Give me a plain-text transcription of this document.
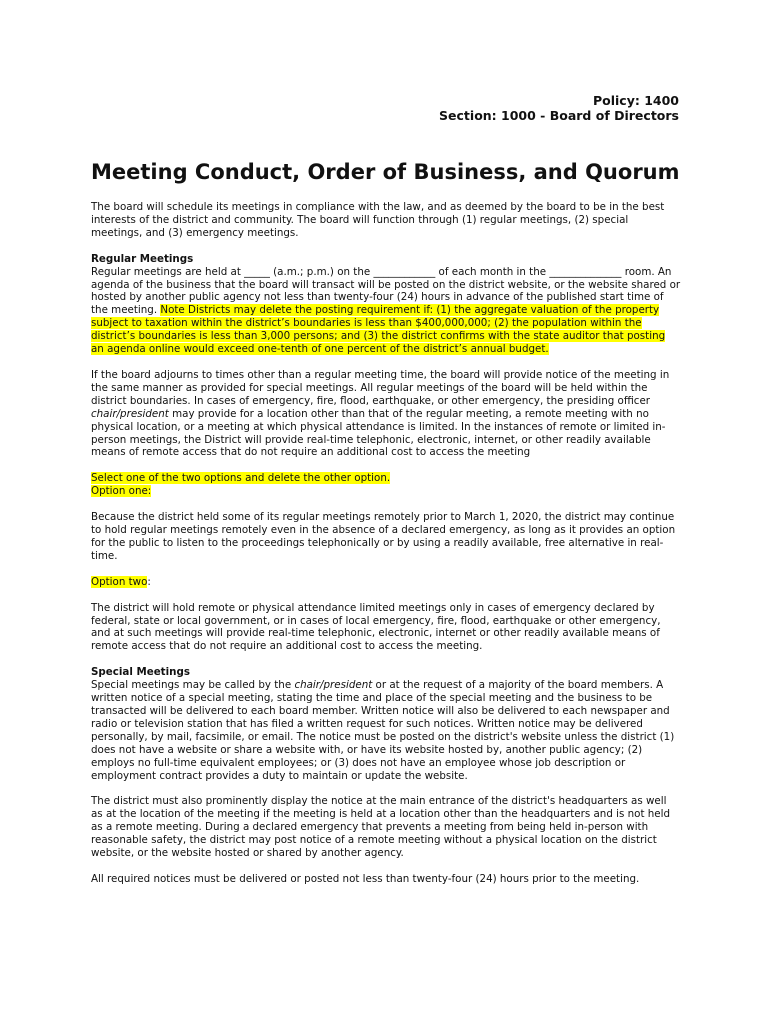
Policy: 1400
Section: 1000 - Board of Directors
Meeting Conduct, Order of Business, and Quorum

The board will schedule its meetings in compliance with the law, and as deemed by the board to be in the best interests of the district and community. The board will function through (1) regular meetings, (2) special meetings, and (3) emergency meetings.

Regular Meetings
Regular meetings are held at _____ (a.m.; p.m.) on the ____________ of each month in the ______________ room. An agenda of the business that the board will transact will be posted on the district website, or the website shared or hosted by another public agency not less than twenty-four (24) hours in advance of the published start time of the meeting. Note Districts may delete the posting requirement if: (1) the aggregate valuation of the property subject to taxation within the district’s boundaries is less than $400,000,000; (2) the population within the district’s boundaries is less than 3,000 persons; and (3) the district confirms with the state auditor that posting an agenda online would exceed one-tenth of one percent of the district’s annual budget.

If the board adjourns to times other than a regular meeting time, the board will provide notice of the meeting in the same manner as provided for special meetings. All regular meetings of the board will be held within the district boundaries. In cases of emergency, fire, flood, earthquake, or other emergency, the presiding officer chair/president may provide for a location other than that of the regular meeting, a remote meeting with no physical location, or a meeting at which physical attendance is limited. In the instances of remote or limited in-person meetings, the District will provide real-time telephonic, electronic, internet, or other readily available means of remote access that do not require an additional cost to access the meeting

Select one of the two options and delete the other option.
Option one:

Because the district held some of its regular meetings remotely prior to March 1, 2020, the district may continue to hold regular meetings remotely even in the absence of a declared emergency, as long as it provides an option for the public to listen to the proceedings telephonically or by using a readily available, free alternative in real-time.

Option two:

The district will hold remote or physical attendance limited meetings only in cases of emergency declared by federal, state or local government, or in cases of local emergency, fire, flood, earthquake or other emergency, and at such meetings will provide real-time telephonic, electronic, internet or other readily available means of remote access that do not require an additional cost to access the meeting.

Special Meetings
Special meetings may be called by the chair/president or at the request of a majority of the board members. A written notice of a special meeting, stating the time and place of the special meeting and the business to be transacted will be delivered to each board member. Written notice will also be delivered to each newspaper and radio or television station that has filed a written request for such notices. Written notice may be delivered personally, by mail, facsimile, or email. The notice must be posted on the district's website unless the district (1) does not have a website or share a website with, or have its website hosted by, another public agency; (2) employs no full-time equivalent employees; or (3) does not have an employee whose job description or employment contract provides a duty to maintain or update the website.

The district must also prominently display the notice at the main entrance of the district's headquarters as well as at the location of the meeting if the meeting is held at a location other than the headquarters and is not held as a remote meeting. During a declared emergency that prevents a meeting from being held in-person with reasonable safety, the district may post notice of a remote meeting without a physical location on the district website, or the website hosted or shared by another agency.

All required notices must be delivered or posted not less than twenty-four (24) hours prior to the meeting.
